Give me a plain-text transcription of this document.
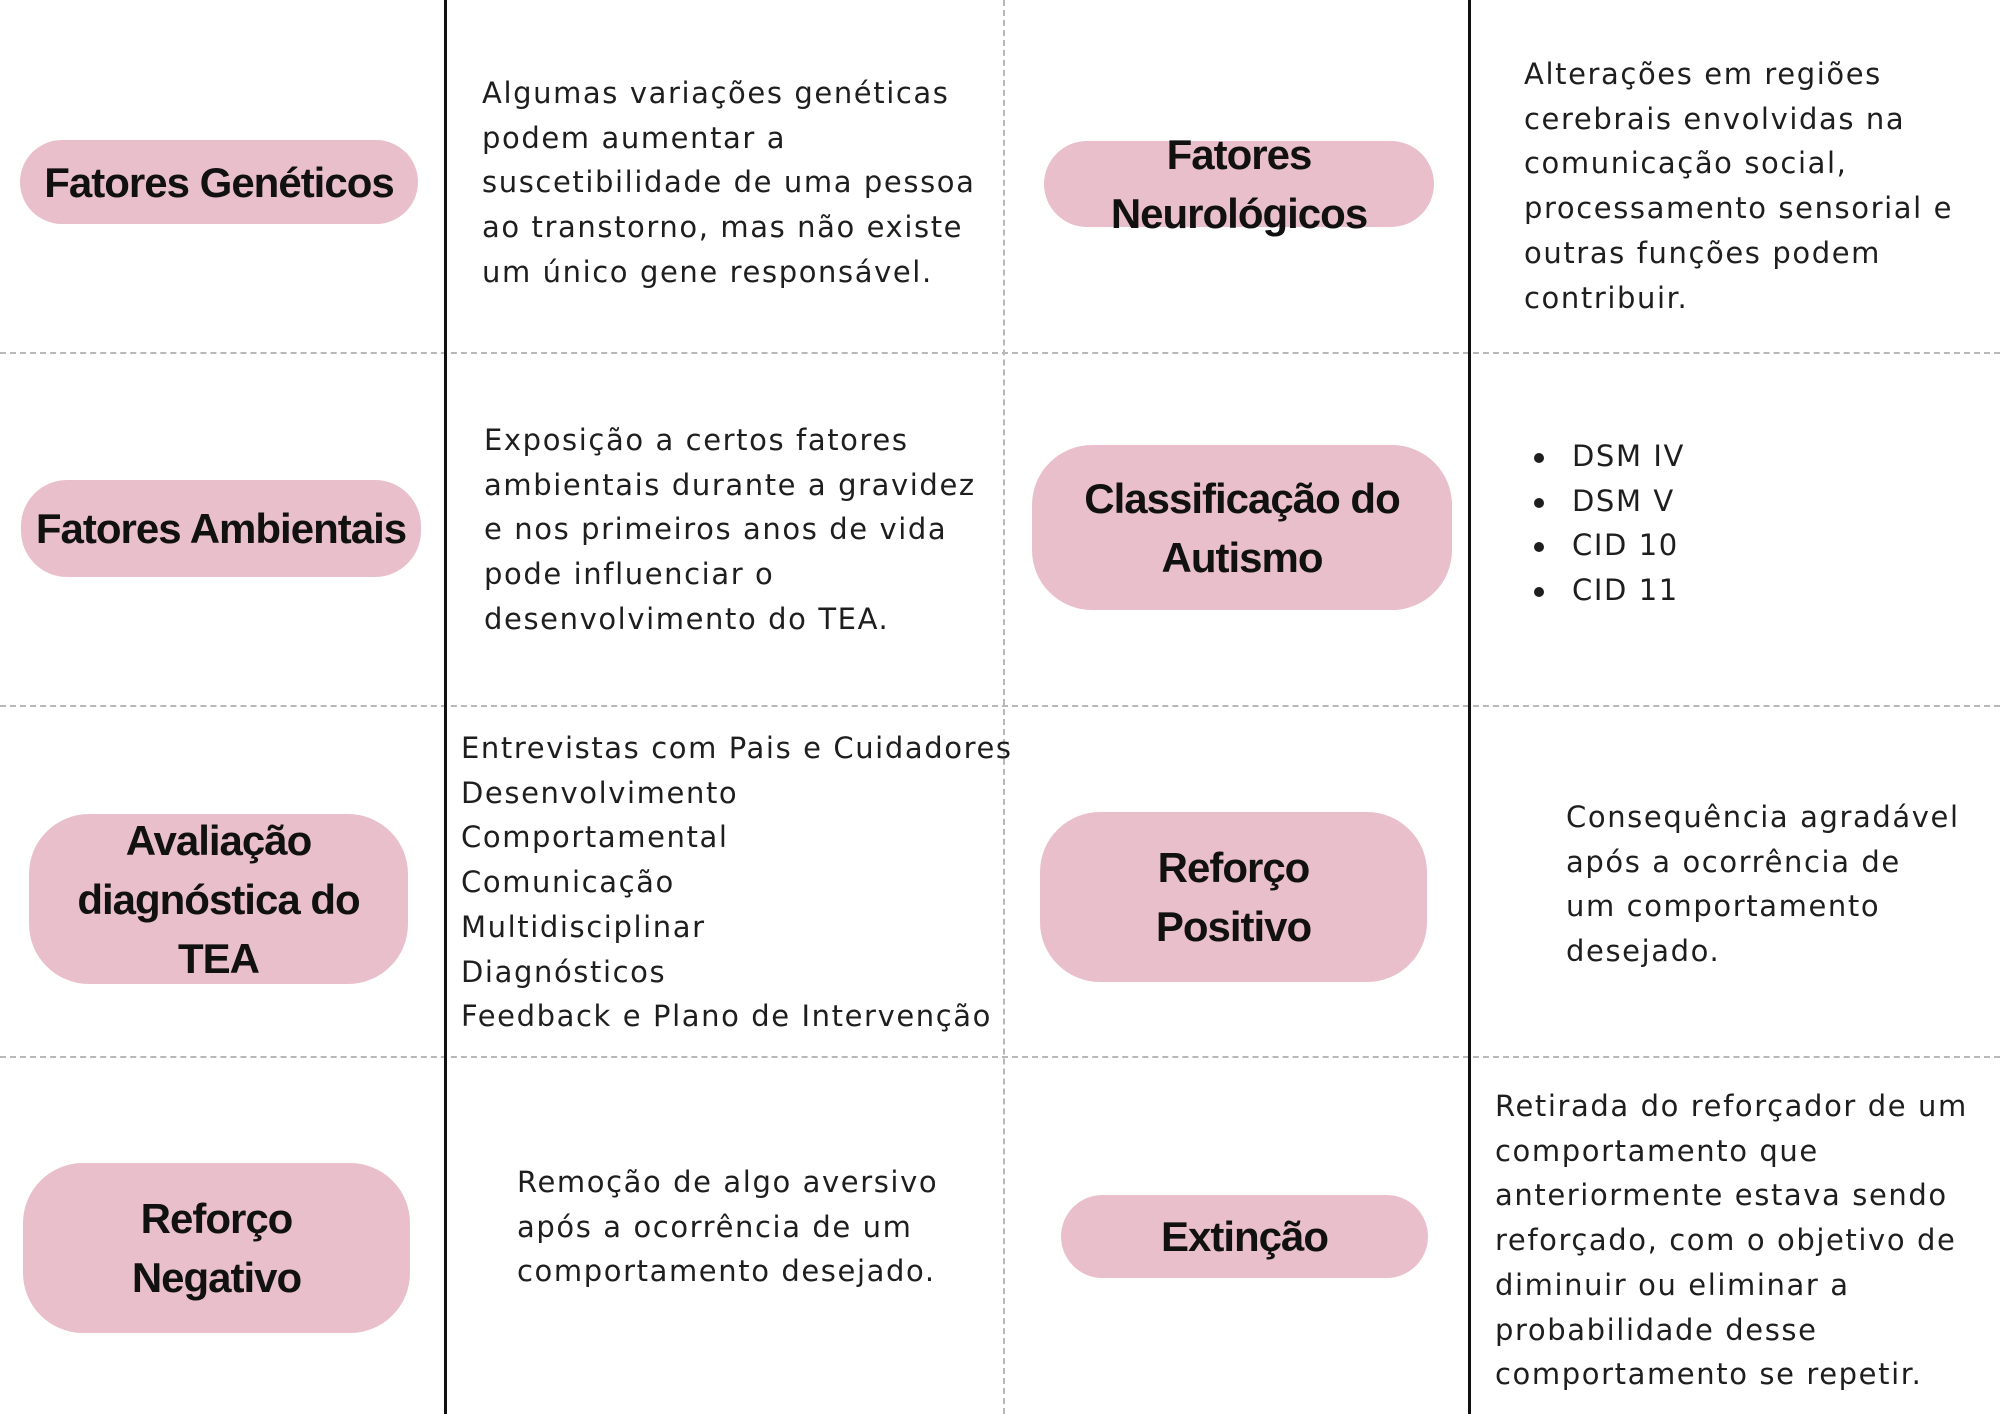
Fatores Genéticos
Algumas variações genéticas
podem aumentar a
suscetibilidade de uma pessoa
ao transtorno, mas não existe
um único gene responsável.
Fatores Neurológicos
Alterações em regiões
cerebrais envolvidas na
comunicação social,
processamento sensorial e
outras funções podem
contribuir.
Fatores Ambientais
Exposição a certos fatores
ambientais durante a gravidez
e nos primeiros anos de vida
pode influenciar o
desenvolvimento do TEA.
Classificação do
Autismo
DSM IV
DSM V
CID 10
CID 11
Avaliação
diagnóstica do TEA
Entrevistas com Pais e Cuidadores
Desenvolvimento
Comportamental
Comunicação
Multidisciplinar
Diagnósticos
Feedback e Plano de Intervenção
Reforço
Positivo
Consequência agradável
após a ocorrência de
um comportamento
desejado.
Reforço
Negativo
Remoção de algo aversivo
após a ocorrência de um
comportamento desejado.
Extinção
Retirada do reforçador de um
comportamento que
anteriormente estava sendo
reforçado, com o objetivo de
diminuir ou eliminar a
probabilidade desse
comportamento se repetir.
